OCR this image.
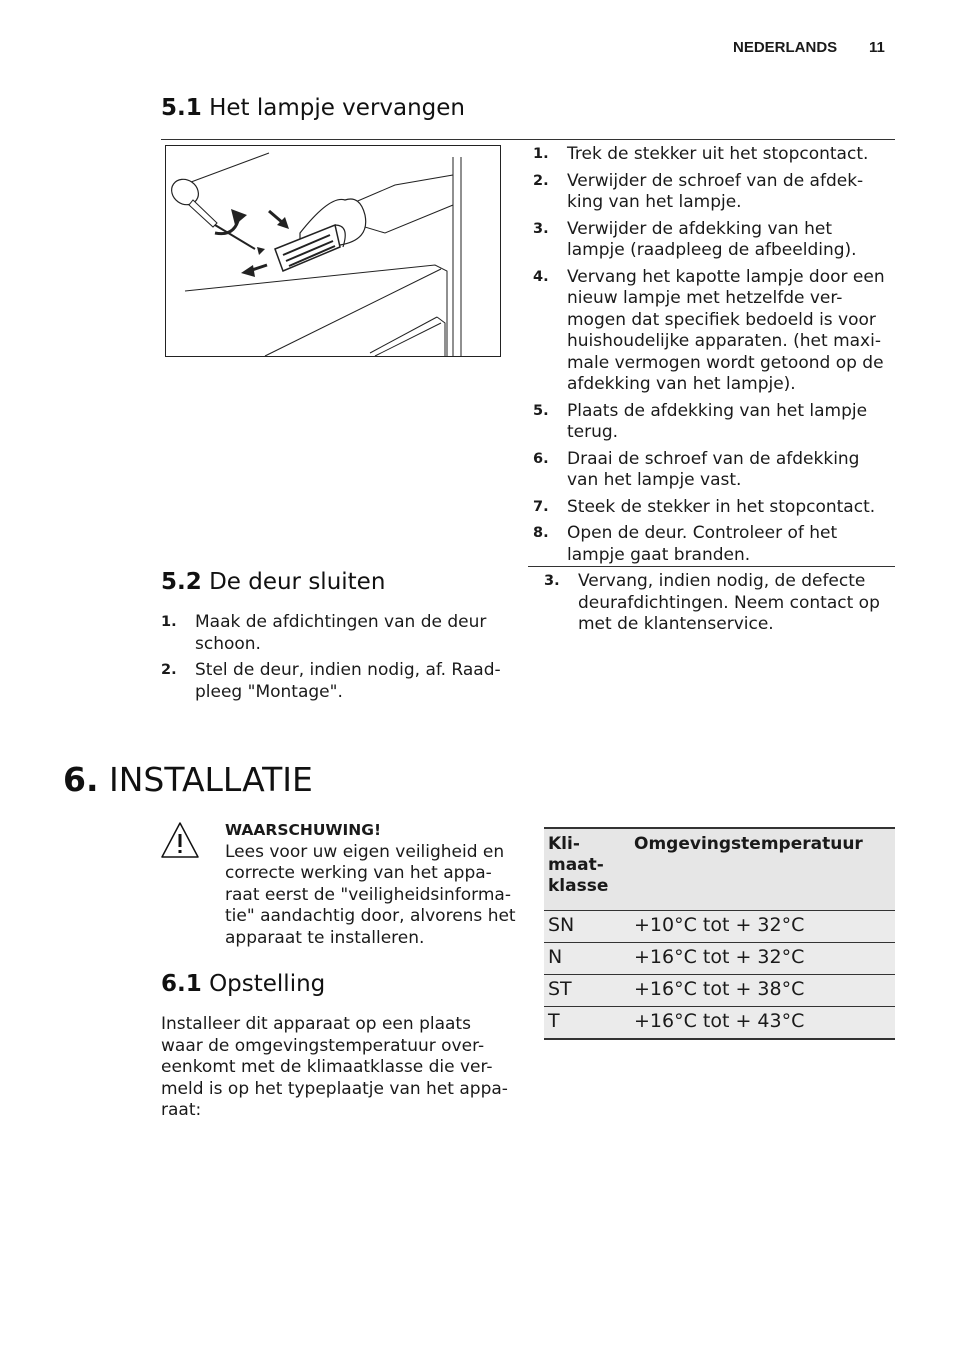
NEDERLANDS 11
5.1 Het lampje vervangen
1. Trek de stekker uit het stopcontact.
2. Verwijder de schroef van de afdek-king van het lampje.
3. Verwijder de afdekking van het lampje (raadpleeg de afbeelding).
4. Vervang het kapotte lampje door een nieuw lampje met hetzelfde ver-mogen dat specifiek bedoeld is voor huishoudelijke apparaten. (het maxi-male vermogen wordt getoond op de afdekking van het lampje).
5. Plaats de afdekking van het lampje terug.
6. Draai de schroef van de afdekking van het lampje vast.
7. Steek de stekker in het stopcontact.
8. Open de deur. Controleer of het lampje gaat branden.
5.2 De deur sluiten
1. Maak de afdichtingen van de deur schoon.
2. Stel de deur, indien nodig, af. Raad-pleeg "Montage".
3. Vervang, indien nodig, de defecte deurafdichtingen. Neem contact op met de klantenservice.
6. INSTALLATIE
WAARSCHUWING!
Lees voor uw eigen veiligheid en correcte werking van het appa-raat eerst de "veiligheidsinforma-tie" aandachtig door, alvorens het apparaat te installeren.
6.1 Opstelling
Installeer dit apparaat op een plaats waar de omgevingstemperatuur over-eenkomt met de klimaatklasse die ver-meld is op het typeplaatje van het appa-raat:
Kli-maat-klasse	Omgevingstemperatuur
SN	+10°C tot + 32°C
N	+16°C tot + 32°C
ST	+16°C tot + 38°C
T	+16°C tot + 43°C
